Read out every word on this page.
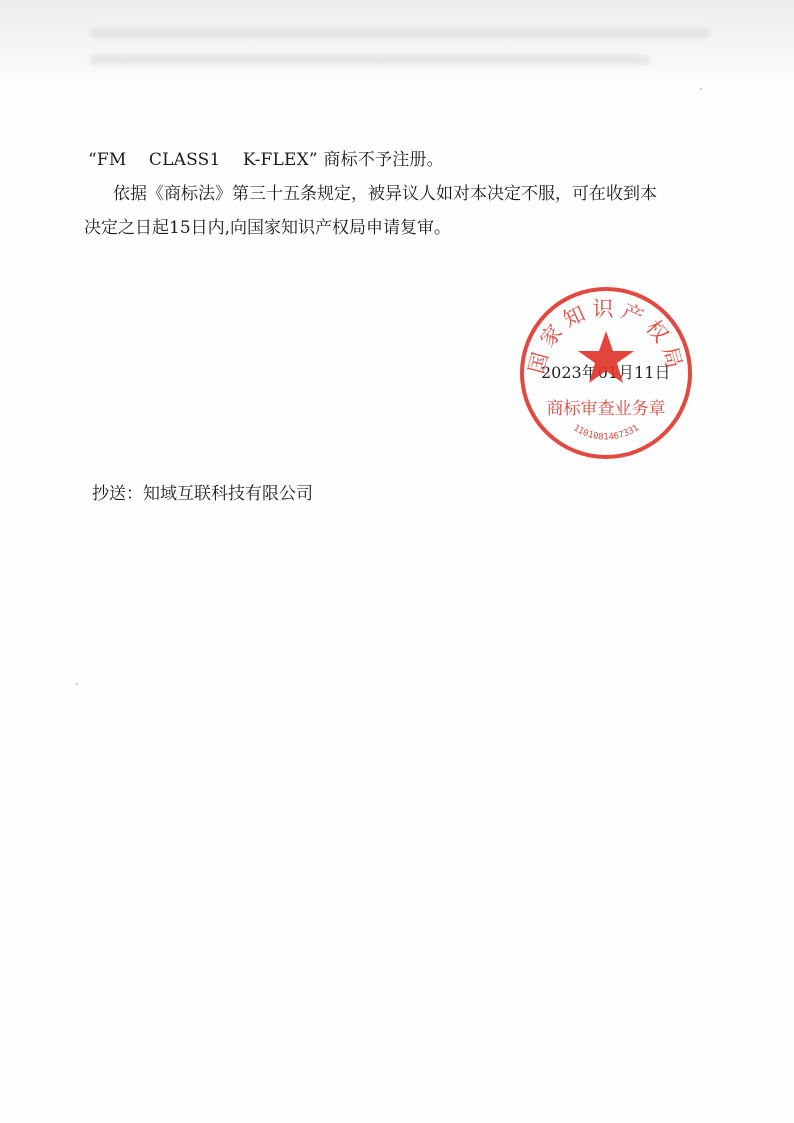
“FM    CLASS1    K-FLEX” 商标不予注册。
依据《商标法》第三十五条规定，被异议人如对本决定不服，可在收到本
决定之日起15日内,向国家知识产权局申请复审。
2023年01月11日
国家知识产权局
商标审查业务章
1101081467331
抄送：知域互联科技有限公司
